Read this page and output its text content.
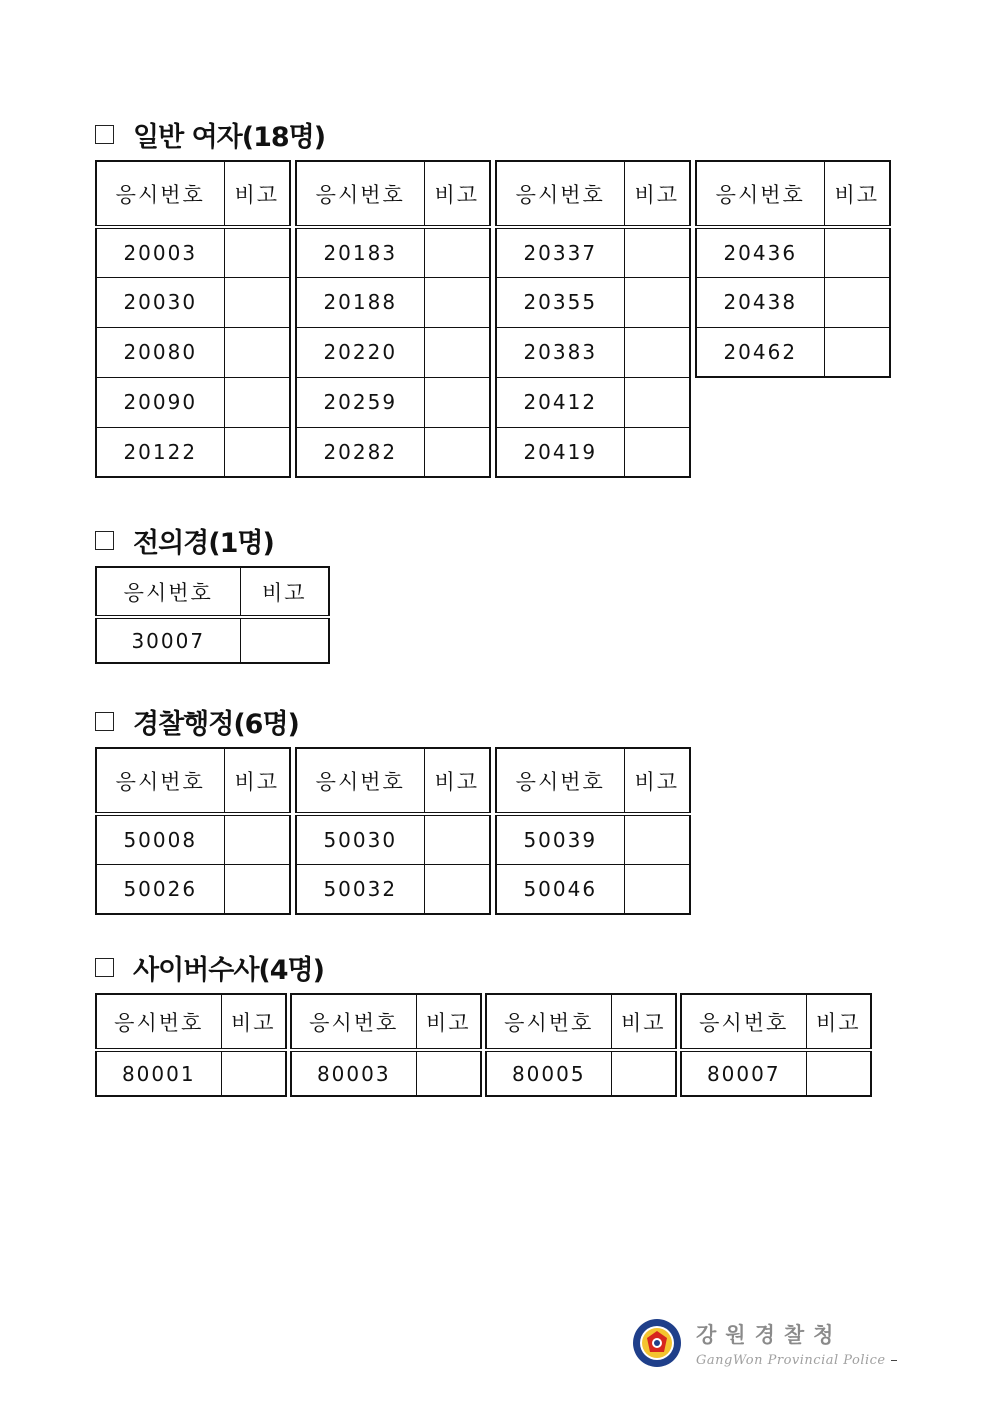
일반 여자(18명)
응시번호	비고
20003	
20030	
20080	
20090	
20122	
응시번호	비고
20183	
20188	
20220	
20259	
20282	
응시번호	비고
20337	
20355	
20383	
20412	
20419	
응시번호	비고
20436	
20438	
20462	
전의경(1명)
응시번호	비고
30007	
경찰행정(6명)
응시번호	비고
50008	
50026	
응시번호	비고
50030	
50032	
응시번호	비고
50039	
50046	
사이버수사(4명)
응시번호	비고
80001	
응시번호	비고
80003	
응시번호	비고
80005	
응시번호	비고
80007	
강원경찰청
GangWon Provincial Police
